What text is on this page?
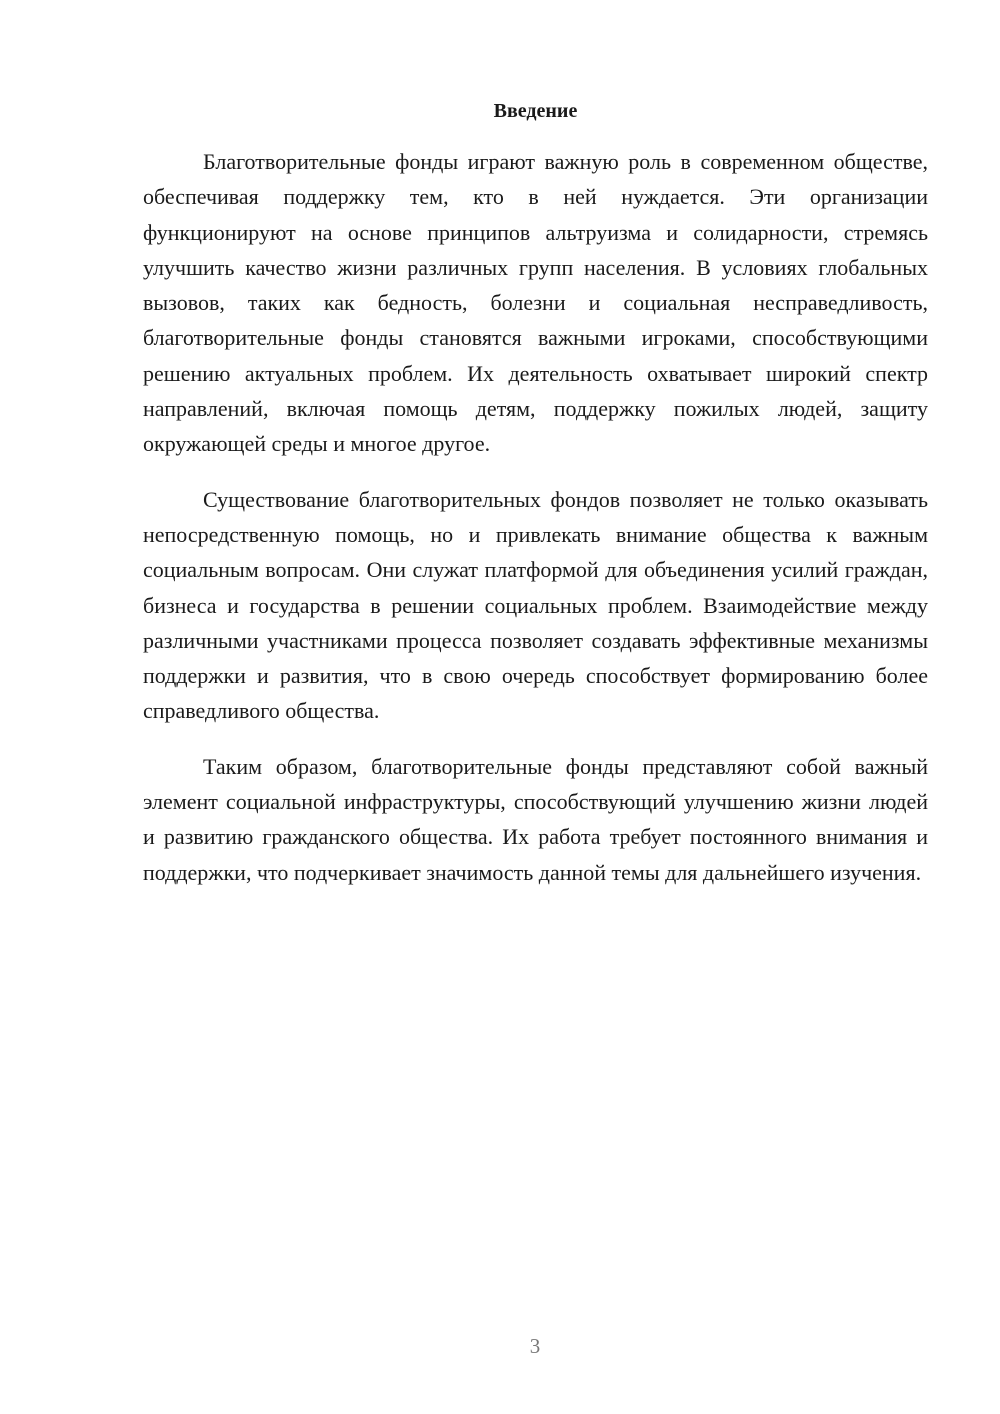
Введение

Благотворительные фонды играют важную роль в современном обществе, обеспечивая поддержку тем, кто в ней нуждается. Эти организации функционируют на основе принципов альтруизма и солидарности, стремясь улучшить качество жизни различных групп населения. В условиях глобальных вызовов, таких как бедность, болезни и социальная несправедливость, благотворительные фонды становятся важными игроками, способствующими решению актуальных проблем. Их деятельность охватывает широкий спектр направлений, включая помощь детям, поддержку пожилых людей, защиту окружающей среды и многое другое.

Существование благотворительных фондов позволяет не только оказывать непосредственную помощь, но и привлекать внимание общества к важным социальным вопросам. Они служат платформой для объединения усилий граждан, бизнеса и государства в решении социальных проблем. Взаимодействие между различными участниками процесса позволяет создавать эффективные механизмы поддержки и развития, что в свою очередь способствует формированию более справедливого общества.

Таким образом, благотворительные фонды представляют собой важный элемент социальной инфраструктуры, способствующий улучшению жизни людей и развитию гражданского общества. Их работа требует постоянного внимания и поддержки, что подчеркивает значимость данной темы для дальнейшего изучения.

3
